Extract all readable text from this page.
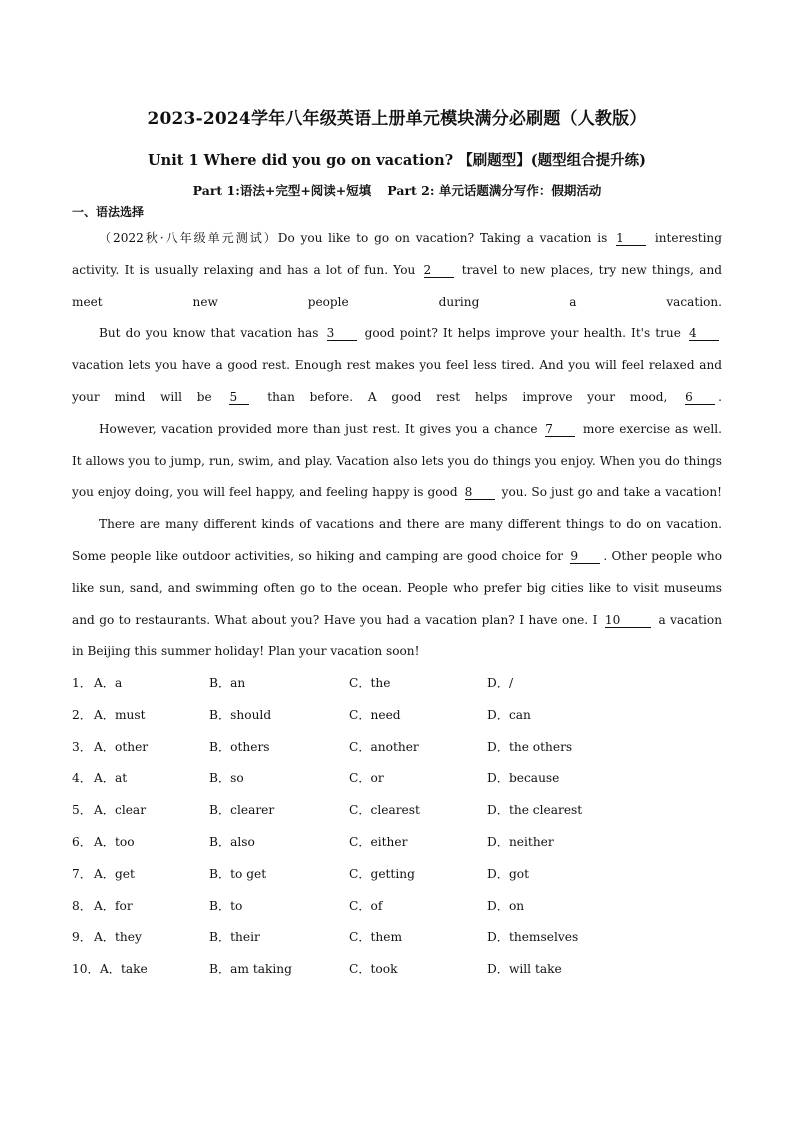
2023-2024学年八年级英语上册单元模块满分必刷题（人教版）
Unit 1 Where did you go on vacation? 【刷题型】(题型组合提升练)
Part 1:语法+完型+阅读+短填 Part 2: 单元话题满分写作：假期活动
一、语法选择

（2022秋·八年级单元测试）Do you like to go on vacation? Taking a vacation is 1	interesting activity. It is usually relaxing and has a lot of fun. You 2	travel to new places, try new things, and meet new people during a vacation.

But do you know that vacation has 3	good point? It helps improve your health. It's true 4 vacation lets you have a good rest. Enough rest makes you feel less tired. And you will feel relaxed and your mind will be 5 than before. A good rest helps improve your mood, 6 .

However, vacation provided more than just rest. It gives you a chance 7 more exercise as well. It allows you to jump, run, swim, and play. Vacation also lets you do things you enjoy. When you do things you enjoy doing, you will feel happy, and feeling happy is good 8 you. So just go and take a vacation!

There are many different kinds of vacations and there are many different things to do on vacation. Some people like outdoor activities, so hiking and camping are good choice for 9 . Other people who like sun, sand, and swimming often go to the ocean. People who prefer big cities like to visit museums and go to restaurants. What about you? Have you had a vacation plan? I have one. I 10	a vacation in Beijing this summer holiday! Plan your vacation soon!

1． A．a	B．an	C．the	D．/
2． A．must	B．should	C．need	D．can
3． A．other	B．others	C．another	D．the others
4． A．at	B．so	C．or	D．because
5． A．clear	B．clearer	C．clearest	D．the clearest
6． A．too	B．also	C．either	D．neither
7． A．get	B．to get	C．getting	D．got
8． A．for	B．to	C．of	D．on
9． A．they	B．their	C．them	D．themselves
10． A．take	B．am taking	C．took	D．will take
